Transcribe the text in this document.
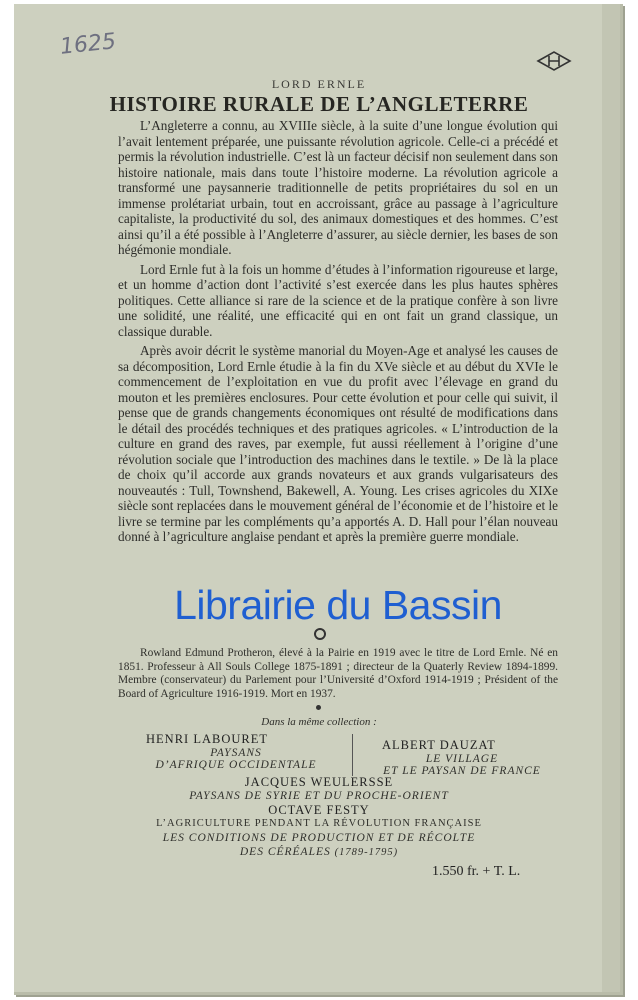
1625
LORD ERNLE
HISTOIRE RURALE DE L’ANGLETERRE

L’Angleterre a connu, au XVIIIe siècle, à la suite d’une longue évolution qui l’avait lentement préparée, une puissante révolution agricole. Celle-ci a précédé et permis la révolution industrielle. C’est là un facteur décisif non seulement dans son histoire nationale, mais dans toute l’histoire moderne. La révolution agricole a transformé une paysannerie traditionnelle de petits propriétaires du sol en un immense prolétariat urbain, tout en accroissant, grâce au passage à l’agriculture capitaliste, la productivité du sol, des animaux domestiques et des hommes. C’est ainsi qu’il a été possible à l’Angleterre d’assurer, au siècle dernier, les bases de son hégémonie mondiale.

Lord Ernle fut à la fois un homme d’études à l’information rigoureuse et large, et un homme d’action dont l’activité s’est exercée dans les plus hautes sphères politiques. Cette alliance si rare de la science et de la pratique confère à son livre une solidité, une réalité, une efficacité qui en ont fait un grand classique, un classique durable.

Après avoir décrit le système manorial du Moyen-Age et analysé les causes de sa décomposition, Lord Ernle étudie à la fin du XVe siècle et au début du XVIe le commencement de l’exploitation en vue du profit avec l’élevage en grand du mouton et les premières enclosures. Pour cette évolution et pour celle qui suivit, il pense que de grands changements économiques ont résulté de modifications dans le détail des procédés techniques et des pratiques agricoles. « L’introduction de la culture en grand des raves, par exemple, fut aussi réellement à l’origine d’une révolution sociale que l’introduction des machines dans le textile. » De là la place de choix qu’il accorde aux grands novateurs et aux grands vulgarisateurs des nouveautés : Tull, Townshend, Bakewell, A. Young. Les crises agricoles du XIXe siècle sont replacées dans le mouvement général de l’économie et de l’histoire et le livre se termine par les compléments qu’a apportés A. D. Hall pour l’élan nouveau donné à l’agriculture anglaise pendant et après la première guerre mondiale.

Librairie du Bassin

Rowland Edmund Protheron, élevé à la Pairie en 1919 avec le titre de Lord Ernle. Né en 1851. Professeur à All Souls College 1875-1891 ; directeur de la Quaterly Review 1894-1899. Membre (conservateur) du Parlement pour l’Université d’Oxford 1914-1919 ; Président of the Board of Agriculture 1916-1919. Mort en 1937.

Dans la même collection :
HENRI LABOURET
PAYSANS
D’AFRIQUE OCCIDENTALE
ALBERT DAUZAT
LE VILLAGE
ET LE PAYSAN DE FRANCE
JACQUES WEULERSSE
PAYSANS DE SYRIE ET DU PROCHE-ORIENT
OCTAVE FESTY
L’AGRICULTURE PENDANT LA RÉVOLUTION FRANÇAISE
LES CONDITIONS DE PRODUCTION ET DE RÉCOLTE
DES CÉRÉALES (1789-1795)
1.550 fr. + T. L.
